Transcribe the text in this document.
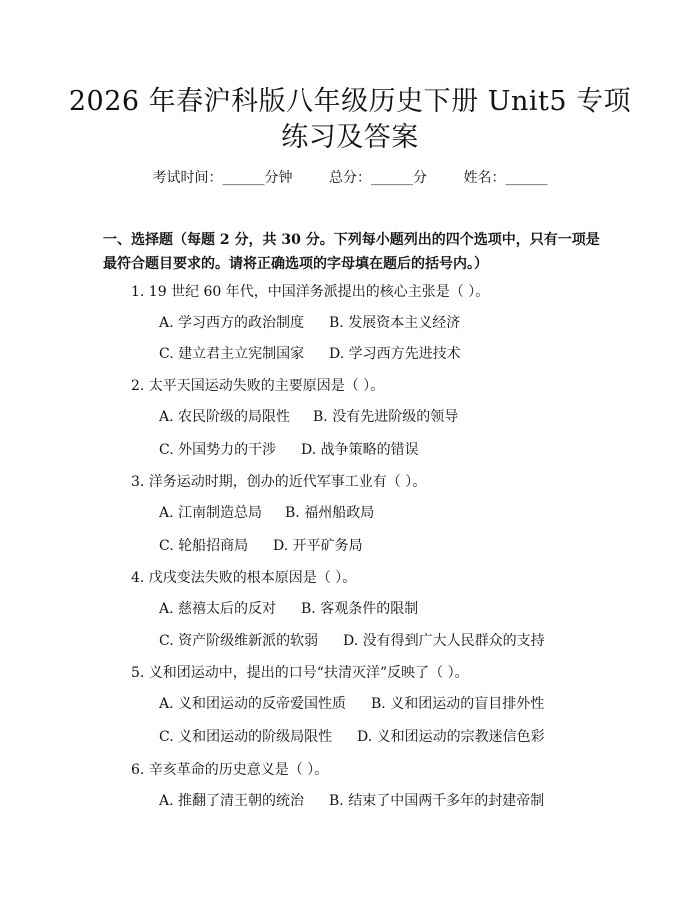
2026 年春沪科版八年级历史下册 Unit5 专项
练习及答案
考试时间：______分钟	总分：______分	姓名：______
一、选择题（每题 2 分，共 30 分。下列每小题列出的四个选项中，只有一项是最符合题目要求的。请将正确选项的字母填在题后的括号内。）
1. 19 世纪 60 年代，中国洋务派提出的核心主张是（ ）。
A. 学习西方的政治制度 B. 发展资本主义经济
C. 建立君主立宪制国家 D. 学习西方先进技术
2. 太平天国运动失败的主要原因是（ ）。
A. 农民阶级的局限性 B. 没有先进阶级的领导
C. 外国势力的干涉 D. 战争策略的错误
3. 洋务运动时期，创办的近代军事工业有（ ）。
A. 江南制造总局 B. 福州船政局
C. 轮船招商局 D. 开平矿务局
4. 戊戌变法失败的根本原因是（ ）。
A. 慈禧太后的反对 B. 客观条件的限制
C. 资产阶级维新派的软弱 D. 没有得到广大人民群众的支持
5. 义和团运动中，提出的口号“扶清灭洋”反映了（ ）。
A. 义和团运动的反帝爱国性质 B. 义和团运动的盲目排外性
C. 义和团运动的阶级局限性 D. 义和团运动的宗教迷信色彩
6. 辛亥革命的历史意义是（ ）。
A. 推翻了清王朝的统治 B. 结束了中国两千多年的封建帝制
